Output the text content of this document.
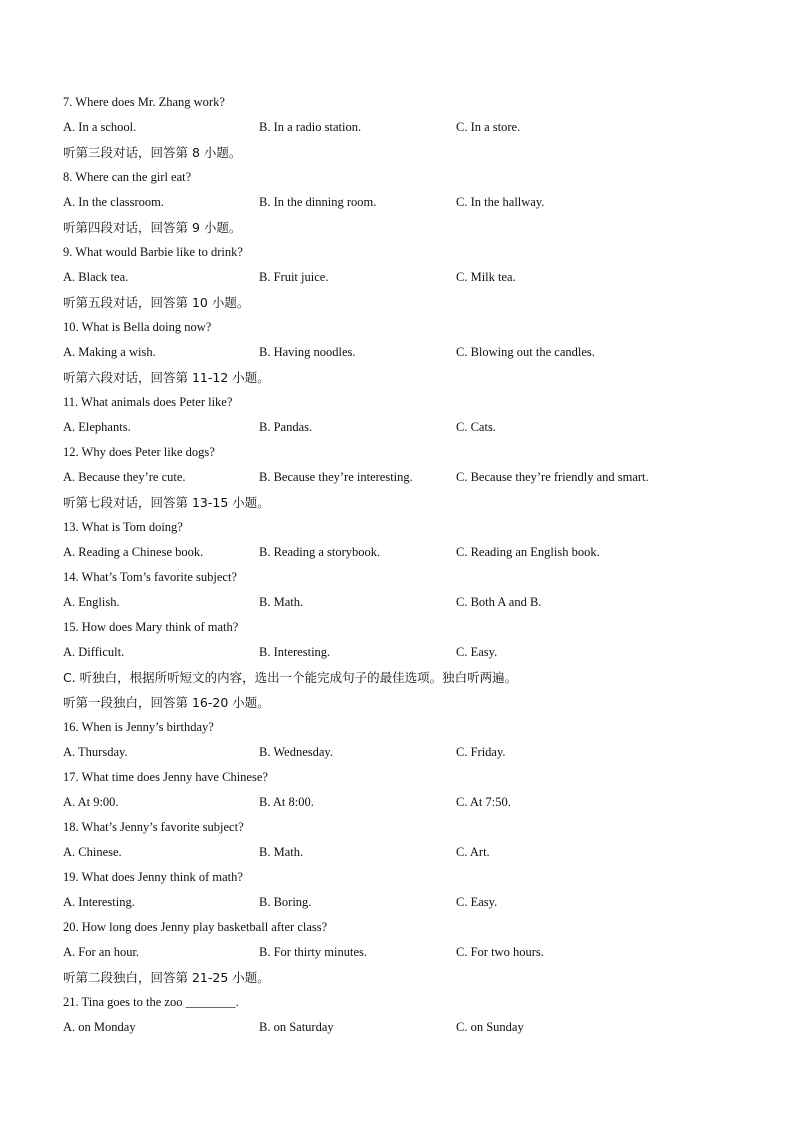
7. Where does Mr. Zhang work?
A. In a school.	B. In a radio station.	C. In a store.
听第三段对话，回答第 8 小题。
8. Where can the girl eat?
A. In the classroom.	B. In the dinning room.	C. In the hallway.
听第四段对话，回答第 9 小题。
9. What would Barbie like to drink?
A. Black tea.	B. Fruit juice.	C. Milk tea.
听第五段对话，回答第 10 小题。
10. What is Bella doing now?
A. Making a wish.	B. Having noodles.	C. Blowing out the candles.
听第六段对话，回答第 11-12 小题。
11. What animals does Peter like?
A. Elephants.	B. Pandas.	C. Cats.
12. Why does Peter like dogs?
A. Because they’re cute.	B. Because they’re interesting.	C. Because they’re friendly and smart.
听第七段对话，回答第 13-15 小题。
13. What is Tom doing?
A. Reading a Chinese book.	B. Reading a storybook.	C. Reading an English book.
14. What’s Tom’s favorite subject?
A. English.	B. Math.	C. Both A and B.
15. How does Mary think of math?
A. Difficult.	B. Interesting.	C. Easy.
C. 听独白，根据所听短文的内容，选出一个能完成句子的最佳选项。独白听两遍。
听第一段独白，回答第 16-20 小题。
16. When is Jenny’s birthday?
A. Thursday.	B. Wednesday.	C. Friday.
17. What time does Jenny have Chinese?
A. At 9:00.	B. At 8:00.	C. At 7:50.
18. What’s Jenny’s favorite subject?
A. Chinese.	B. Math.	C. Art.
19. What does Jenny think of math?
A. Interesting.	B. Boring.	C. Easy.
20. How long does Jenny play basketball after class?
A. For an hour.	B. For thirty minutes.	C. For two hours.
听第二段独白，回答第 21-25 小题。
21. Tina goes to the zoo ________.
A. on Monday	B. on Saturday	C. on Sunday
